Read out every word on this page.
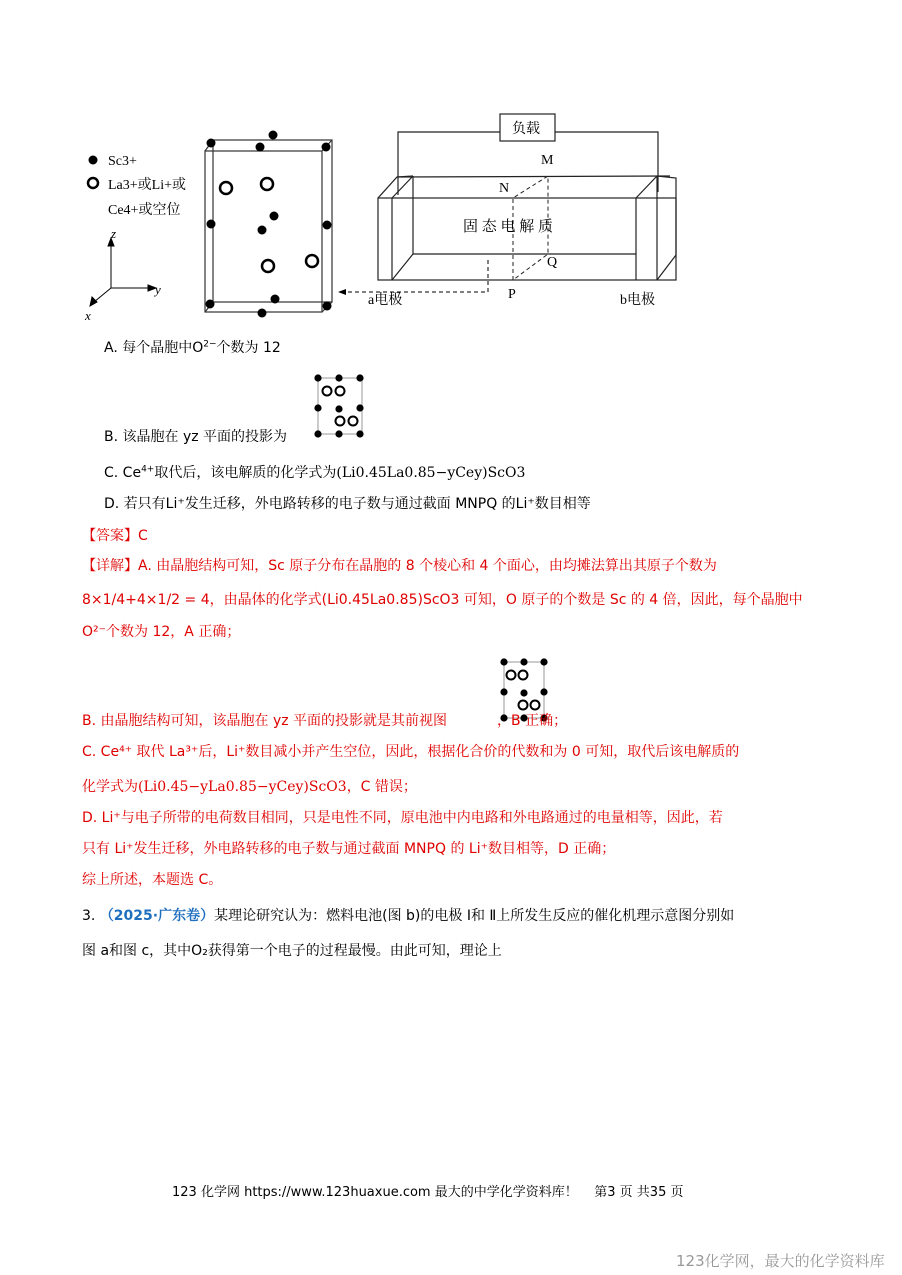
Sc3+
La3+或Li+或
Ce4+或空位
z
y
x
负载
M
N
P
Q
固 态 电 解 质
a电极	b电极
A. 每个晶胞中$O^{2-}$个数为 12
B. 该晶胞在 yz 平面的投影为
C. $Ce^{4+}$取代后，该电解质的化学式为(Li0.45La0.85−yCey)ScO3
D. 若只有Li⁺发生迁移，外电路转移的电子数与通过截面 MNPQ 的Li⁺数目相等
【答案】C
【详解】A. 由晶胞结构可知，Sc 原子分布在晶胞的 8 个棱心和 4 个面心，由均摊法算出其原子个数为
8×1/4+4×1/2 = 4，由晶体的化学式(Li0.45La0.85)ScO3 可知，O 原子的个数是 Sc 的 4 倍，因此，每个晶胞中
O²⁻个数为 12，A 正确；
B. 由晶胞结构可知，该晶胞在 yz 平面的投影就是其前视图	，B 正确；
C. Ce⁴⁺ 取代 La³⁺后，Li⁺数目减小并产生空位，因此，根据化合价的代数和为 0 可知，取代后该电解质的
化学式为(Li0.45−yLa0.85−yCey)ScO3，C 错误；
D. Li⁺与电子所带的电荷数目相同，只是电性不同，原电池中内电路和外电路通过的电量相等，因此，若
只有 Li⁺发生迁移，外电路转移的电子数与通过截面 MNPQ 的 Li⁺数目相等，D 正确；
综上所述，本题选 C。
3. （2025·广东卷）某理论研究认为：燃料电池(图 b)的电极 Ⅰ和 Ⅱ上所发生反应的催化机理示意图分别如
图 a和图 c，其中O₂获得第一个电子的过程最慢。由此可知，理论上
123 化学网 https://www.123huaxue.com 最大的中学化学资料库！ 第3 页 共35 页
123化学网，最大的化学资料库
